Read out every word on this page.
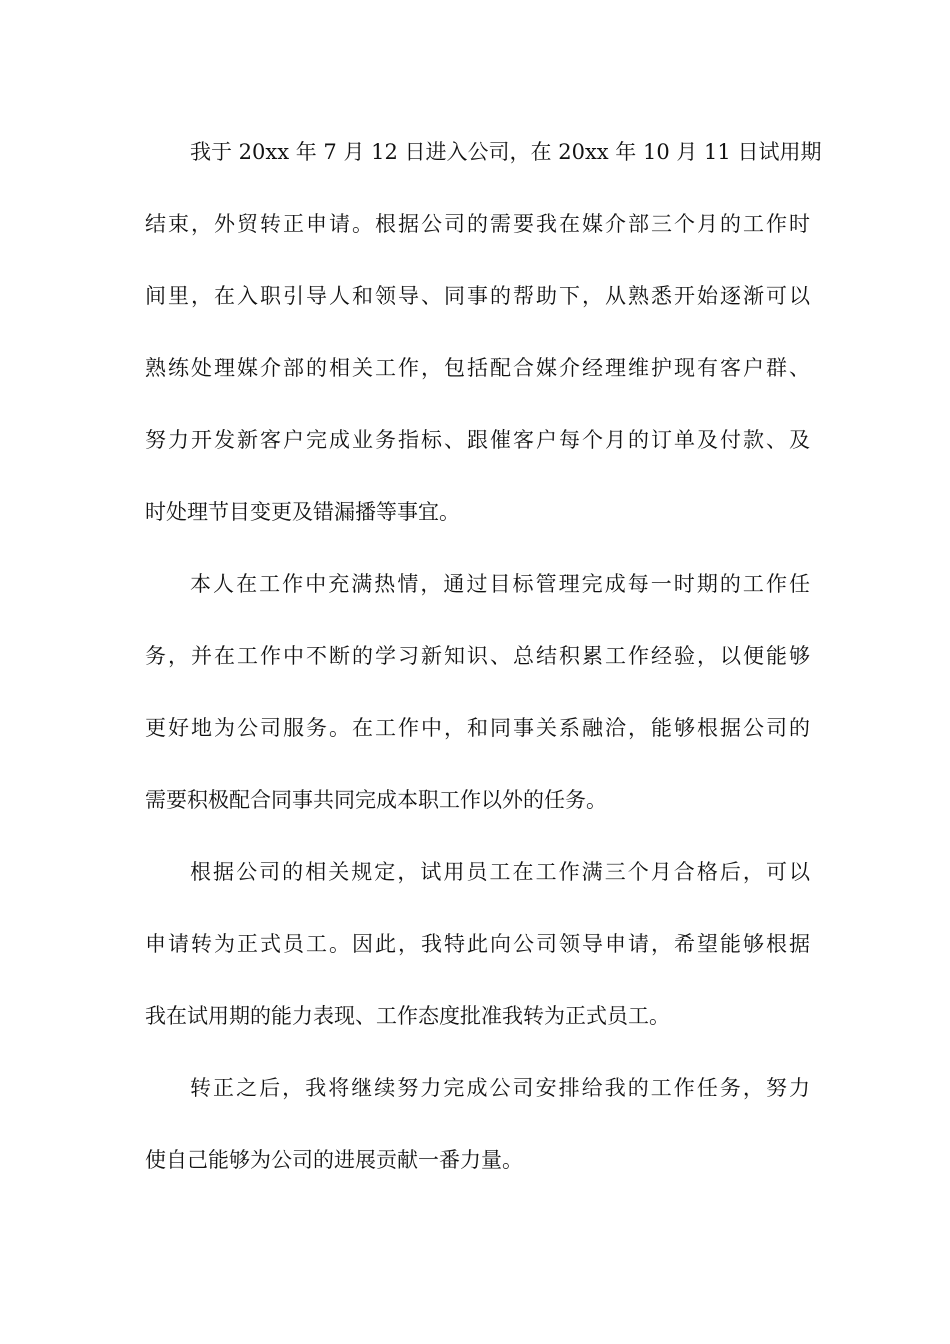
我于 20xx 年 7 月 12 日进入公司，在 20xx 年 10 月 11 日试用期
结束，外贸转正申请。根据公司的需要我在媒介部三个月的工作时
间里，在入职引导人和领导、同事的帮助下，从熟悉开始逐渐可以
熟练处理媒介部的相关工作，包括配合媒介经理维护现有客户群、
努力开发新客户完成业务指标、跟催客户每个月的订单及付款、及
时处理节目变更及错漏播等事宜。
本人在工作中充满热情，通过目标管理完成每一时期的工作任
务，并在工作中不断的学习新知识、总结积累工作经验，以便能够
更好地为公司服务。在工作中，和同事关系融洽，能够根据公司的
需要积极配合同事共同完成本职工作以外的任务。
根据公司的相关规定，试用员工在工作满三个月合格后，可以
申请转为正式员工。因此，我特此向公司领导申请，希望能够根据
我在试用期的能力表现、工作态度批准我转为正式员工。
转正之后，我将继续努力完成公司安排给我的工作任务，努力
使自己能够为公司的进展贡献一番力量。
